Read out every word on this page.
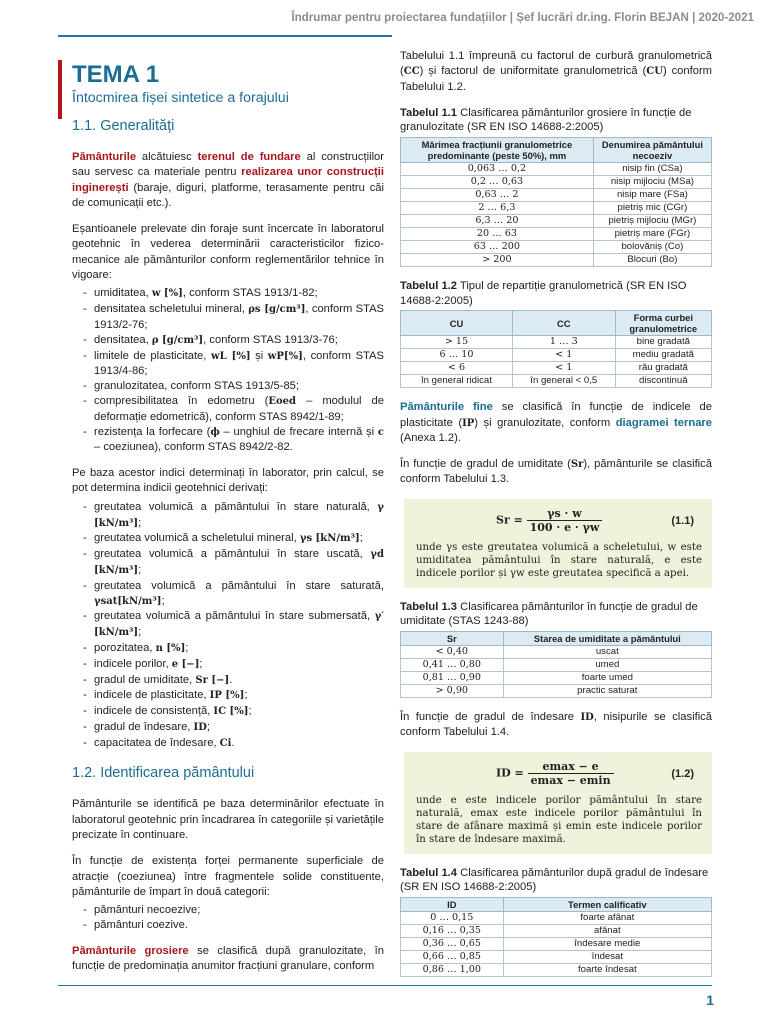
Îndrumar pentru proiectarea fundațiilor | Șef lucrări dr.ing. Florin BEJAN | 2020-2021
TEMA 1
Întocmirea fișei sintetice a forajului
1.1. Generalități

Pământurile alcătuiesc terenul de fundare al construcțiilor sau servesc ca materiale pentru realizarea unor construcții inginerești (baraje, diguri, platforme, terasamente pentru căi de comunicații etc.).

Eșantioanele prelevate din foraje sunt încercate în laboratorul geotehnic în vederea determinării caracteristicilor fizico-mecanice ale pământurilor conform reglementărilor tehnice în vigoare:

- umiditatea, w [%], conform STAS 1913/1-82;
- densitatea scheletului mineral, ρs [g/cm³], conform STAS 1913/2-76;
- densitatea, ρ [g/cm³], conform STAS 1913/3-76;
- limitele de plasticitate, wL [%] și wP[%], conform STAS 1913/4-86;
- granulozitatea, conform STAS 1913/5-85;
- compresibilitatea în edometru (Eoed – modulul de deformație edometrică), conform STAS 8942/1-89;
- rezistența la forfecare (ϕ – unghiul de frecare internă și c – coeziunea), conform STAS 8942/2-82.

Pe baza acestor indici determinați în laborator, prin calcul, se pot determina indicii geotehnici derivați:

- greutatea volumică a pământului în stare naturală, γ [kN/m³];
- greutatea volumică a scheletului mineral, γs [kN/m³];
- greutatea volumică a pământului în stare uscată, γd [kN/m³];
- greutatea volumică a pământului în stare saturată, γsat[kN/m³];
- greutatea volumică a pământului în stare submersată, γ′[kN/m³];
- porozitatea, n [%];
- indicele porilor, e [−];
- gradul de umiditate, Sr [−].
- indicele de plasticitate, IP [%];
- indicele de consistență, IC [%];
- gradul de îndesare, ID;
- capacitatea de îndesare, Ci.
1.2. Identificarea pământului

Pământurile se identifică pe baza determinărilor efectuate în laboratorul geotehnic prin încadrarea în categoriile și varietățile precizate în continuare.

În funcție de existența forței permanente superficiale de atracție (coeziunea) între fragmentele solide constituente, pământurile de împart în două categorii:

- pământuri necoezive;
- pământuri coezive.

Pământurile grosiere se clasifică după granulozitate, în funcție de predominația anumitor fracțiuni granulare, conform

Tabelului 1.1 împreună cu factorul de curbură granulometrică (CC) și factorul de uniformitate granulometrică (CU) conform Tabelului 1.2.

Tabelul 1.1 Clasificarea pământurilor grosiere în funcție de granulozitate (SR EN ISO 14688-2:2005)
Mărimea fracțiunii granulometrice predominante (peste 50%), mm	Denumirea pământului necoeziv
0,063 … 0,2	nisip fin (CSa)
0,2 … 0,63	nisip mijlociu (MSa)
0,63 … 2	nisip mare (FSa)
2 … 6,3	pietriș mic (CGr)
6,3 … 20	pietriș mijlociu (MGr)
20 … 63	pietriș mare (FGr)
63 … 200	bolovăniș (Co)
> 200	Blocuri (Bo)
Tabelul 1.2 Tipul de repartiție granulometrică (SR EN ISO 14688-2:2005)
CU	CC	Forma curbei granulometrice
> 15	1 … 3	bine gradată
6 … 10	< 1	mediu gradată
< 6	< 1	rău gradată
în general ridicat	în general < 0,5	discontinuă

Pământurile fine se clasifică în funcție de indicele de plasticitate (IP) și granulozitate, conform diagramei ternare (Anexa 1.2).

În funcție de gradul de umiditate (Sr), pământurile se clasifică conform Tabelului 1.3.

$Sr = \frac{\gamma s \cdot w}{100 \cdot e \cdot \gamma w}$	(1.1)
unde γs este greutatea volumică a scheletului, w este umiditatea pământului în stare naturală, e este indicele porilor și γw este greutatea specifică a apei.
Tabelul 1.3 Clasificarea pământurilor în funcție de gradul de umiditate (STAS 1243-88)
Sr	Starea de umiditate a pământului
< 0,40	uscat
0,41 … 0,80	umed
0,81 … 0,90	foarte umed
> 0,90	practic saturat

În funcție de gradul de îndesare ID, nisipurile se clasifică conform Tabelului 1.4.

ID = $\frac{emax - e}{emax - emin}$	(1.2)
unde e este indicele porilor pământului în stare naturală, emax este indicele porilor pământului în stare de afânare maximă și emin este indicele porilor în stare de îndesare maximă.
Tabelul 1.4 Clasificarea pământurilor după gradul de îndesare (SR EN ISO 14688-2:2005)
ID	Termen calificativ
0 … 0,15	foarte afânat
0,16 … 0,35	afânat
0,36 … 0,65	îndesare medie
0,66 … 0,85	îndesat
0,86 … 1,00	foarte îndesat
1
